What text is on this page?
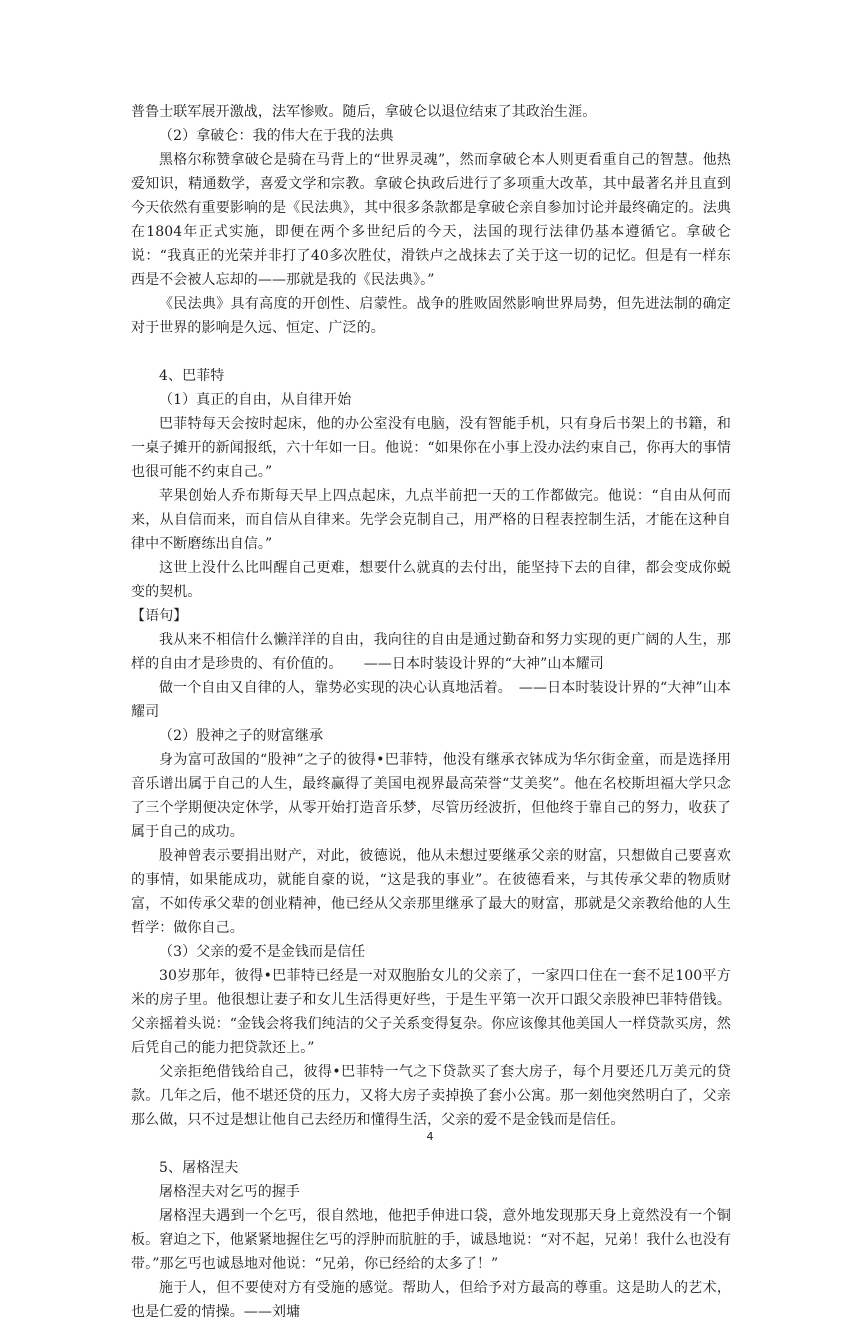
普鲁士联军展开激战，法军惨败。随后，拿破仑以退位结束了其政治生涯。

（2）拿破仑：我的伟大在于我的法典

黑格尔称赞拿破仑是骑在马背上的“世界灵魂”，然而拿破仑本人则更看重自己的智慧。他热爱知识，精通数学，喜爱文学和宗教。拿破仑执政后进行了多项重大改革，其中最著名并且直到今天依然有重要影响的是《民法典》，其中很多条款都是拿破仑亲自参加讨论并最终确定的。法典在1804年正式实施，即便在两个多世纪后的今天，法国的现行法律仍基本遵循它。拿破仑说：“我真正的光荣并非打了40多次胜仗，滑铁卢之战抹去了关于这一切的记忆。但是有一样东西是不会被人忘却的——那就是我的《民法典》。”

《民法典》具有高度的开创性、启蒙性。战争的胜败固然影响世界局势，但先进法制的确定对于世界的影响是久远、恒定、广泛的。

4、巴菲特

（1）真正的自由，从自律开始

巴菲特每天会按时起床，他的办公室没有电脑，没有智能手机，只有身后书架上的书籍，和一桌子摊开的新闻报纸，六十年如一日。他说：“如果你在小事上没办法约束自己，你再大的事情也很可能不约束自己。”

苹果创始人乔布斯每天早上四点起床，九点半前把一天的工作都做完。他说：“自由从何而来，从自信而来，而自信从自律来。先学会克制自己，用严格的日程表控制生活，才能在这种自律中不断磨练出自信。”

这世上没什么比叫醒自己更难，想要什么就真的去付出，能坚持下去的自律，都会变成你蜕变的契机。

【语句】

我从来不相信什么懒洋洋的自由，我向往的自由是通过勤奋和努力实现的更广阔的人生，那样的自由才是珍贵的、有价值的。　　——日本时装设计界的“大神”山本耀司

做一个自由又自律的人，靠势必实现的决心认真地活着。　——日本时装设计界的“大神”山本耀司

（2）股神之子的财富继承

身为富可敌国的“股神”之子的彼得•巴菲特，他没有继承衣钵成为华尔街金童，而是选择用音乐谱出属于自己的人生，最终赢得了美国电视界最高荣誉“艾美奖”。他在名校斯坦福大学只念了三个学期便决定休学，从零开始打造音乐梦，尽管历经波折，但他终于靠自己的努力，收获了属于自己的成功。

股神曾表示要捐出财产，对此，彼德说，他从未想过要继承父亲的财富，只想做自己要喜欢的事情，如果能成功，就能自豪的说，“这是我的事业”。在彼德看来，与其传承父辈的物质财富，不如传承父辈的创业精神，他已经从父亲那里继承了最大的财富，那就是父亲教给他的人生哲学：做你自己。

（3）父亲的爱不是金钱而是信任

30岁那年，彼得•巴菲特已经是一对双胞胎女儿的父亲了，一家四口住在一套不足100平方米的房子里。他很想让妻子和女儿生活得更好些，于是生平第一次开口跟父亲股神巴菲特借钱。父亲摇着头说：“金钱会将我们纯洁的父子关系变得复杂。你应该像其他美国人一样贷款买房，然后凭自己的能力把贷款还上。”

父亲拒绝借钱给自己，彼得•巴菲特一气之下贷款买了套大房子，每个月要还几万美元的贷款。几年之后，他不堪还贷的压力，又将大房子卖掉换了套小公寓。那一刻他突然明白了，父亲那么做，只不过是想让他自己去经历和懂得生活，父亲的爱不是金钱而是信任。

5、屠格涅夫

屠格涅夫对乞丐的握手

屠格涅夫遇到一个乞丐，很自然地，他把手伸进口袋，意外地发现那天身上竟然没有一个铜板。窘迫之下，他紧紧地握住乞丐的浮肿而肮脏的手，诚恳地说：“对不起，兄弟！我什么也没有带。”那乞丐也诚恳地对他说：“兄弟，你已经给的太多了！”

施于人，但不要使对方有受施的感觉。帮助人，但给予对方最高的尊重。这是助人的艺术，也是仁爱的情操。——刘墉

4
